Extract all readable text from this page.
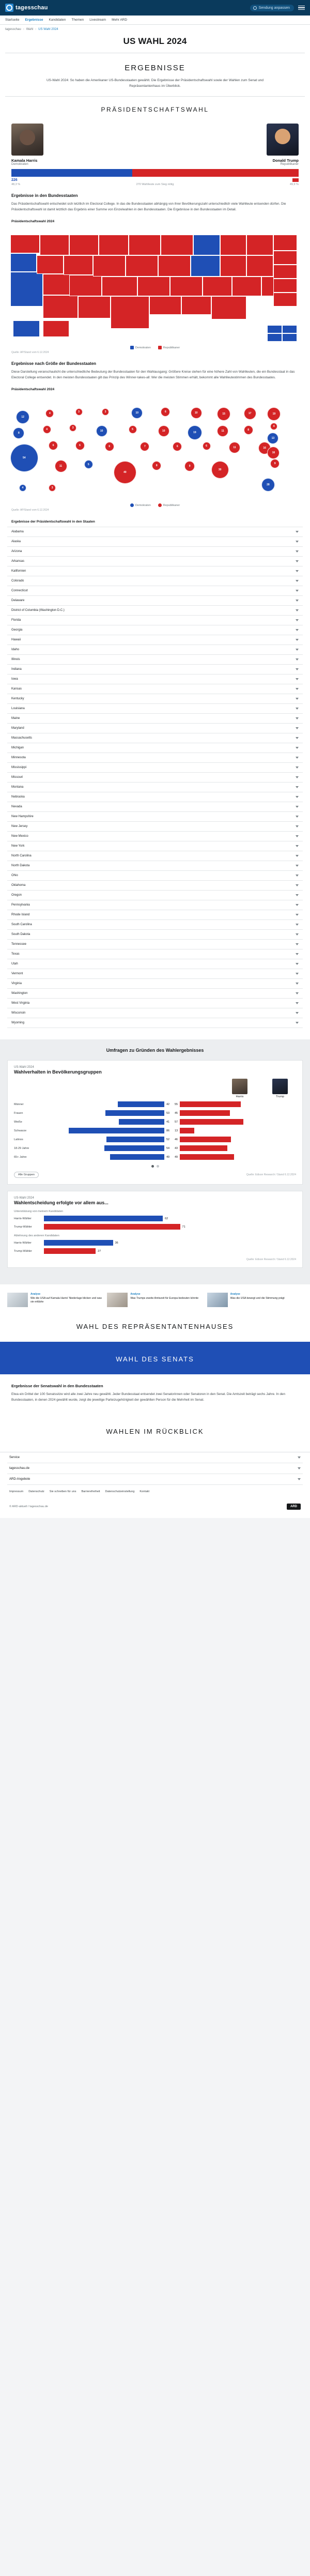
tagesschau	Sendung anpassen
Startseite Ergebnisse Kandidaten Themen Livestream Mehr ARD
tagesschau › Wahl › US Wahl 2024
US WAHL 2024
ERGEBNISSE

US-Wahl 2024: So haben die Amerikaner US-Bundesstaaten gewählt. Die Ergebnisse der Präsidentschaftswahl sowie der Wahlen zum Senat und Repräsentantenhaus im Überblick.

PRÄSIDENTSCHAFTSWAHL
Kamala Harris
Demokraten
Donald Trump
Republikaner
226	312
48,3 %	270 Wahlleute zum Sieg nötig	49,9 %
Ergebnisse in den Bundesstaaten

Das Präsidentschaftswahl entscheidet sich letztlich im Electoral College. In das die Bundesstaaten abhängig von ihrer Bevölkerungszahl unterschiedlich viele Wahlleute entsenden dürfen. Die Präsidentschaftswahl ist damit letztlich das Ergebnis einer Summe von Einzelwahlen in den Bundesstaaten. Die Ergebnisse in den Bundesstaaten im Detail.

Präsidentschaftswahl 2024
Demokraten	Republikaner
Quelle: AP/Stand vom 6.12.2024
Ergebnisse nach Größe der Bundesstaaten

Diese Darstellung veranschaulicht die unterschiedliche Bedeutung der Bundesstaaten für den Wahlausgang: Größere Kreise stehen für eine höhere Zahl von Wahlleuten, die ein Bundesstaat in das Electoral College entsendet. In den meisten Bundesstaaten gilt das Prinzip des Winner-takes-all: Wer die meisten Stimmen erhält, bekommt alle Wahlleutestimmen des Bundesstaates.

Präsidentschaftswahl 2024
12
8
54
4
4
6
11
3
6
5
3
10
3
6
40
10
5
7
8
6
10
6
10
19
6
9
15
11
11
30
17
8
16
19
4
13
16
9
28
4	3
Demokraten	Republikaner
Quelle: AP/Stand vom 6.12.2024
Ergebnisse der Präsidentschaftswahl in den Staaten
Alabama
Alaska
Arizona
Arkansas
Kalifornien
Colorado
Connecticut
Delaware
District of Columbia (Washington D.C.)
Florida
Georgia
Hawaii
Idaho
Illinois
Indiana
Iowa
Kansas
Kentucky
Louisiana
Maine
Maryland
Massachusetts
Michigan
Minnesota
Mississippi
Missouri
Montana
Nebraska
Nevada
New Hampshire
New Jersey
New Mexico
New York
North Carolina
North Dakota
Ohio
Oklahoma
Oregon
Pennsylvania
Rhode Island
South Carolina
South Dakota
Tennessee
Texas
Utah
Vermont
Virginia
Washington
West Virginia
Wisconsin
Wyoming
Umfragen zu Gründen des Wahlergebnisses
US-Wahl 2024
Wahlverhalten in Bevölkerungsgruppen
Harris	Trump
Männer	42	55
Frauen	53	45
Weiße	41	57
Schwarze	86	13
Latinos	52	46
18-29 Jahre	54	43
65+ Jahre	49	49
Alle Gruppen	Quelle: Edison Research / Stand 6.12.2024
US-Wahl 2024
Wahlentscheidung erfolgte vor allem aus...
Unterstützung von meinem Kandidaten
Harris-Wähler	62
Trump-Wähler	71
Ablehnung des anderen Kandidaten
Harris-Wähler	36
Trump-Wähler	27
Quelle: Edison Research / Stand 6.12.2024
Analyse
Wie die USA auf Kamala Harris' Niederlage blicken und was sie erklärte
Analyse
Was Trumps zweite Amtszeit für Europa bedeuten könnte
Analyse
Was die USA bewegt und die Stimmung prägt
WAHL DES REPRÄSENTANTENHAUSES
WAHL DES SENATS
Ergebnisse der Senatswahl in den Bundesstaaten

Etwa ein Drittel der 100 Senatssitze wird alle zwei Jahre neu gewählt. Jeder Bundesstaat entsendet zwei Senatorinnen oder Senatoren in den Senat. Die Amtszeit beträgt sechs Jahre. In den Bundesstaaten, in denen 2024 gewählt wurde, zeigt die jeweilige Parteizugehörigkeit der gewählten Person für die Mehrheit im Senat.

WAHLEN IM RÜCKBLICK
Service
tagesschau.de
ARD-Angebote
Impressum Datenschutz Sie schreiben für uns Barrierefreiheit Datenschutzeinstellung Kontakt
© ARD-aktuell / tagesschau.de	ARD
